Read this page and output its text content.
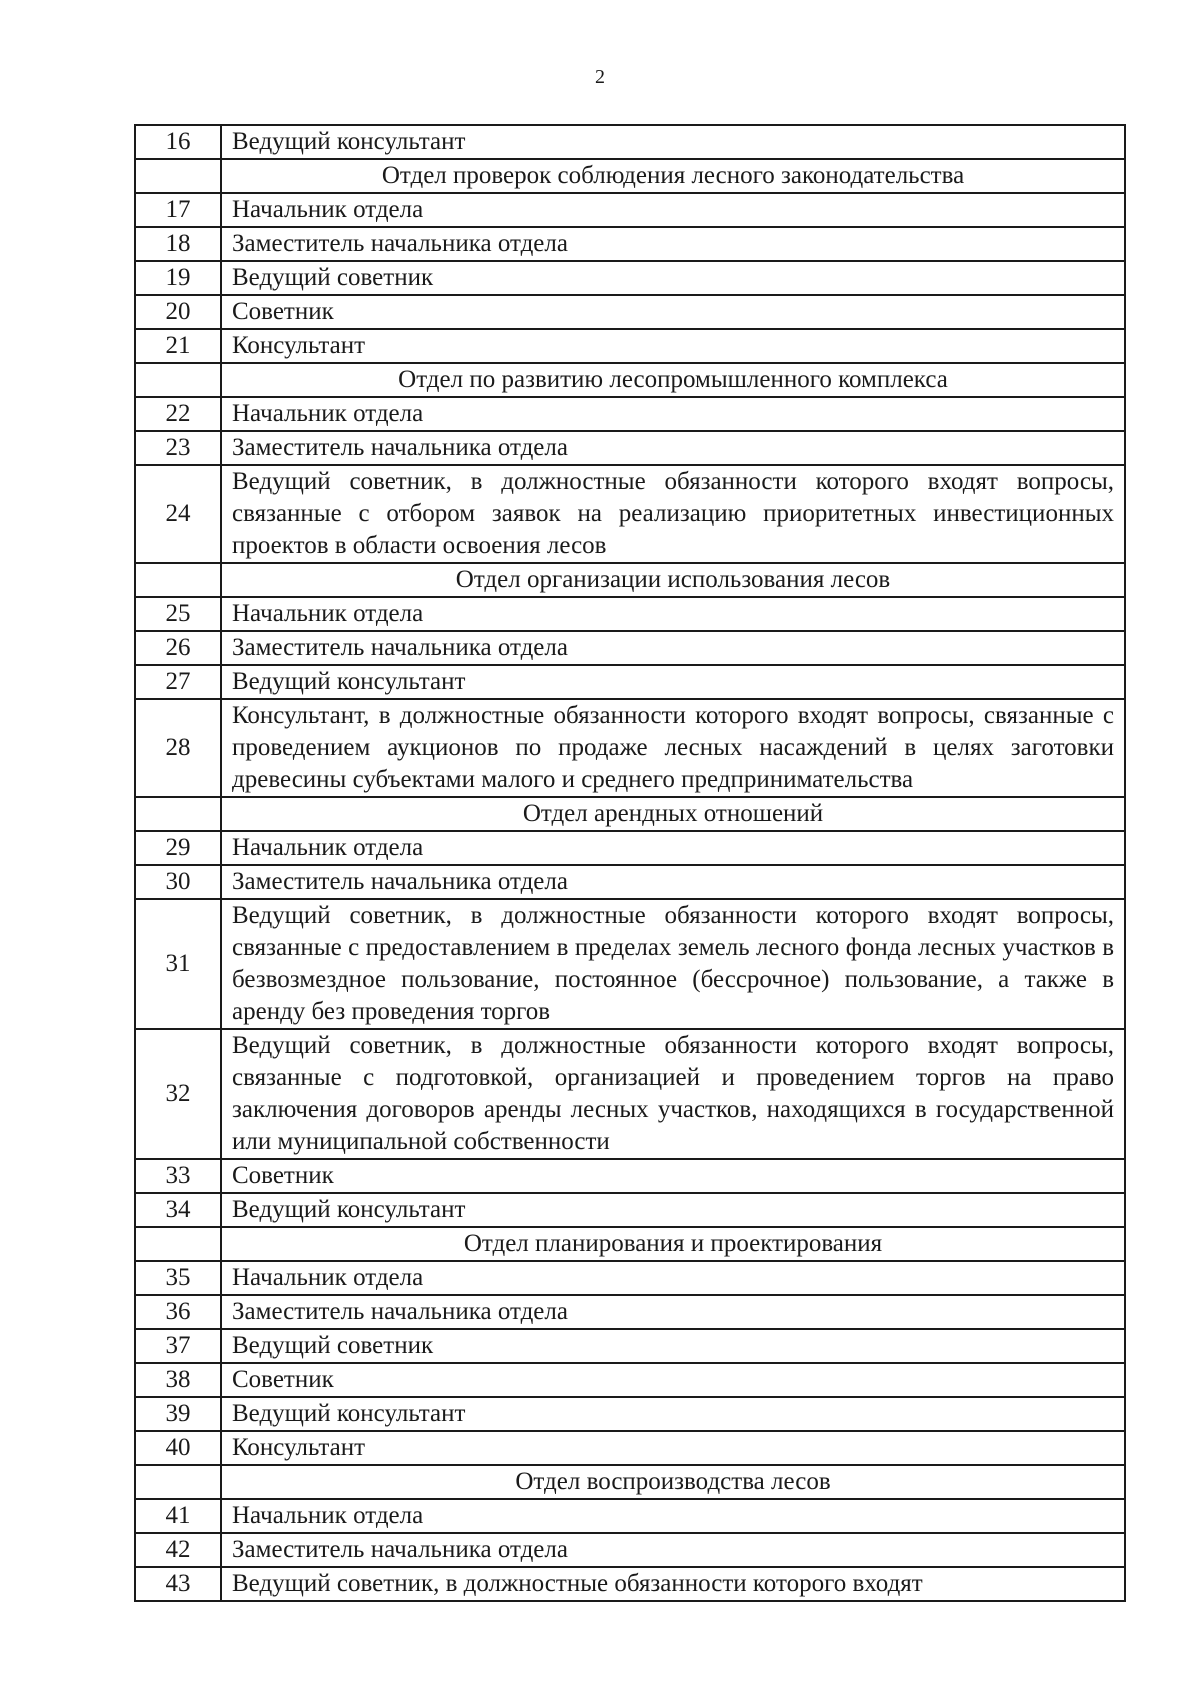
2
16	Ведущий консультант
	Отдел проверок соблюдения лесного законодательства
17	Начальник отдела
18	Заместитель начальника отдела
19	Ведущий советник
20	Советник
21	Консультант
	Отдел по развитию лесопромышленного комплекса
22	Начальник отдела
23	Заместитель начальника отдела
24	Ведущий советник, в должностные обязанности которого входят вопросы, связанные с отбором заявок на реализацию приоритетных инвестиционных проектов в области освоения лесов
	Отдел организации использования лесов
25	Начальник отдела
26	Заместитель начальника отдела
27	Ведущий консультант
28	Консультант, в должностные обязанности которого входят вопросы, связанные с проведением аукционов по продаже лесных насаждений в целях заготовки древесины субъектами малого и среднего предпринимательства
	Отдел арендных отношений
29	Начальник отдела
30	Заместитель начальника отдела
31	Ведущий советник, в должностные обязанности которого входят вопросы, связанные с предоставлением в пределах земель лесного фонда лесных участков в безвозмездное пользование, постоянное (бессрочное) пользование, а также в аренду без проведения торгов
32	Ведущий советник, в должностные обязанности которого входят вопросы, связанные с подготовкой, организацией и проведением торгов на право заключения договоров аренды лесных участков, находящихся в государственной или муниципальной собственности
33	Советник
34	Ведущий консультант
	Отдел планирования и проектирования
35	Начальник отдела
36	Заместитель начальника отдела
37	Ведущий советник
38	Советник
39	Ведущий консультант
40	Консультант
	Отдел воспроизводства лесов
41	Начальник отдела
42	Заместитель начальника отдела
43	Ведущий советник, в должностные обязанности которого входят
